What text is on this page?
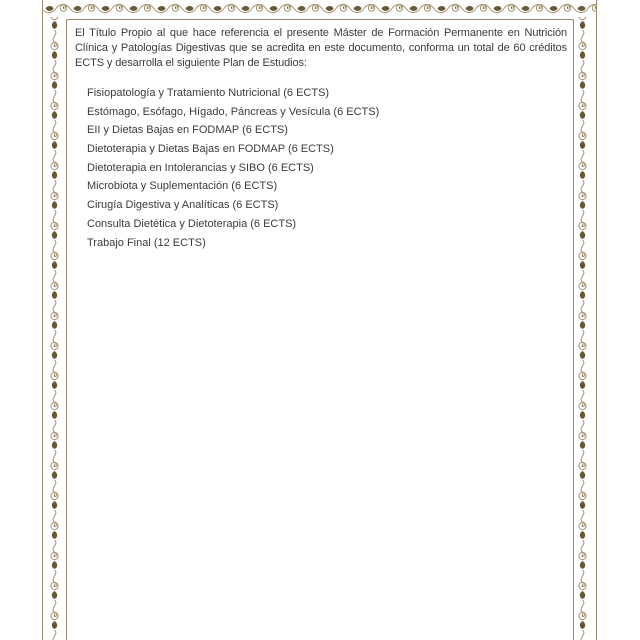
El Título Propio al que hace referencia el presente Máster de Formación Permanente en Nutrición Clínica y Patologías Digestivas que se acredita en este documento, conforma un total de 60 créditos ECTS y desarrolla el siguiente Plan de Estudios:
Fisiopatología y Tratamiento Nutricional (6 ECTS)
Estómago, Esófago, Hígado, Páncreas y Vesícula (6 ECTS)
EII y Dietas Bajas en FODMAP (6 ECTS)
Dietoterapia y Dietas Bajas en FODMAP (6 ECTS)
Dietoterapia en Intolerancias y SIBO (6 ECTS)
Microbiota y Suplementación (6 ECTS)
Cirugía Digestiva y Analíticas (6 ECTS)
Consulta Dietética y Dietoterapia (6 ECTS)
Trabajo Final (12 ECTS)
